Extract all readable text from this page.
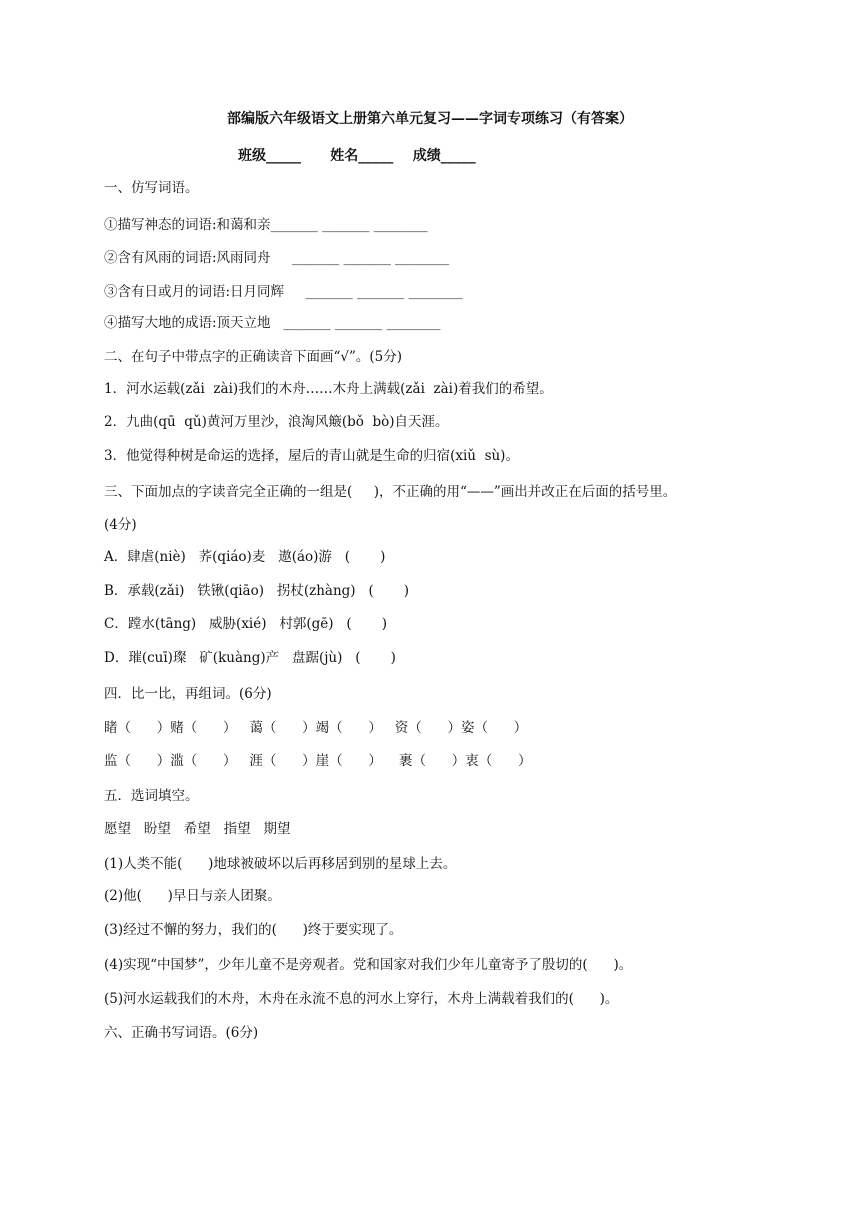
部编版六年级语文上册第六单元复习——字词专项练习（有答案）
班级_____      姓名_____    成绩_____
一、仿写词语。
①描写神态的词语:和蔼和亲_______ _______ ________
②含有风雨的词语:风雨同舟     _______ _______ ________
③含有日或月的词语:日月同辉     _______ _______ ________
④描写大地的成语:顶天立地   _______ _______ ________
二、在句子中带点字的正确读音下面画“√”。(5分)
1．河水运载(zǎi  zài)我们的木舟……木舟上满载(zǎi  zài)着我们的希望。
2．九曲(qū  qǔ)黄河万里沙，浪淘风簸(bǒ  bò)自天涯。
3．他觉得种树是命运的选择，屋后的青山就是生命的归宿(xiǔ  sù)。
三、下面加点的字读音完全正确的一组是(     )，不正确的用“——”画出并改正在后面的括号里。
(4分)
A．肆虐(niè)   荞(qiáo)麦   遨(áo)游   (       )
B．承载(zǎi)   铁锹(qiāo)   拐杖(zhàng)   (       )
C．蹚水(tāng)   威胁(xié)   村郭(gē)   (       )
D．璀(cuī)璨   矿(kuàng)产   盘踞(jù)   (       )
四．比一比，再组词。(6分)
睹（      ）赌（      ）   蔼（      ）竭（      ）   资（      ）姿（      ）
监（      ）滥（      ）   涯（      ）崖（      ）    裹（      ）衷（      ）
五．选词填空。
愿望   盼望   希望   指望   期望
(1)人类不能(      )地球被破坏以后再移居到别的星球上去。
(2)他(      )早日与亲人团聚。
(3)经过不懈的努力，我们的(      )终于要实现了。
(4)实现“中国梦”，少年儿童不是旁观者。党和国家对我们少年儿童寄予了殷切的(      )。
(5)河水运载我们的木舟，木舟在永流不息的河水上穿行，木舟上满载着我们的(      )。
六、正确书写词语。(6分)
